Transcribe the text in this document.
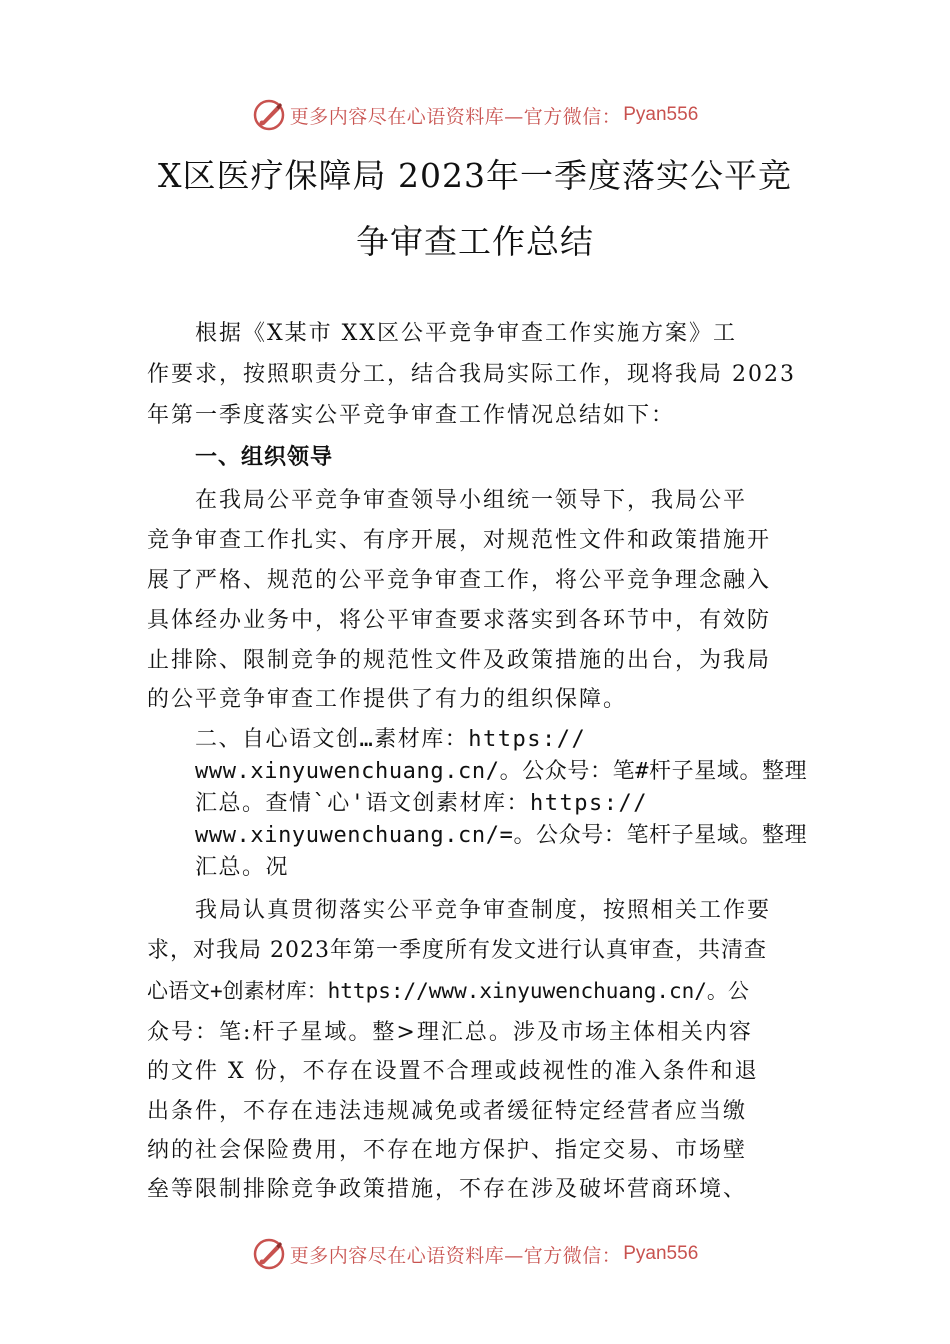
更多内容尽在心语资料库—官方微信： Pyan556
X区医疗保障局 2023年一季度落实公平竞
争审查工作总结
根据《X某市 XX区公平竞争审查工作实施方案》工
作要求，按照职责分工，结合我局实际工作，现将我局 2023
年第一季度落实公平竞争审查工作情况总结如下：
一、组织领导
在我局公平竞争审查领导小组统一领导下，我局公平
竞争审查工作扎实、有序开展，对规范性文件和政策措施开
展了严格、规范的公平竞争审查工作，将公平竞争理念融入
具体经办业务中，将公平审查要求落实到各环节中，有效防
止排除、限制竞争的规范性文件及政策措施的出台，为我局
的公平竞争审查工作提供了有力的组织保障。
二、自心语文创…素材库：https://
www.xinyuwenchuang.cn/。公众号：笔#杆子星域。整理
汇总。查情`心'语文创素材库：https://
www.xinyuwenchuang.cn/=。公众号：笔杆子星域。整理
汇总。况
我局认真贯彻落实公平竞争审查制度，按照相关工作要
求，对我局 2023年第一季度所有发文进行认真审查，共清查
心语文+创素材库：https://www.xinyuwenchuang.cn/。公
众号：笔:杆子星域。整>理汇总。涉及市场主体相关内容
的文件 X 份，不存在设置不合理或歧视性的准入条件和退
出条件，不存在违法违规减免或者缓征特定经营者应当缴
纳的社会保险费用，不存在地方保护、指定交易、市场壁
垒等限制排除竞争政策措施，不存在涉及破坏营商环境、
更多内容尽在心语资料库—官方微信： Pyan556
